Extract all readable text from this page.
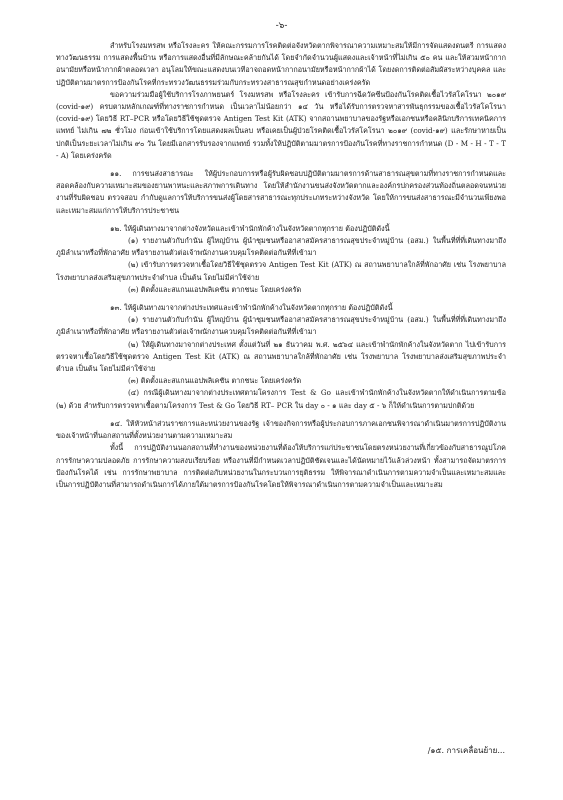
-๖-

สำหรับโรงมหรสพ หรือโรงละคร ให้คณะกรรมการโรคติดต่อจังหวัดตากพิจารณาความเหมาะสมให้มีการจัดแสดงดนตรี การแสดงทางวัฒนธรรม การแสดงพื้นบ้าน หรือการแสดงอื่นที่มีลักษณะคล้ายกันได้ โดยจำกัดจำนวนผู้แสดงและเจ้าหน้าที่ไม่เกิน ๕๐ คน และให้สวมหน้ากากอนามัยหรือหน้ากากผ้าตลอดเวลา อนุโลมให้ขณะแสดงบนเวทีอาจถอดหน้ากากอนามัยหรือหน้ากากผ้าได้ โดยงดการติดต่อสัมผัสระหว่างบุคคล และปฏิบัติตามมาตรการป้องกันโรคที่กระทรวงวัฒนธรรมร่วมกับกระทรวงสาธารณสุขกำหนดอย่างเคร่งครัด

ขอความร่วมมือผู้ใช้บริการโรงภาพยนตร์ โรงมหรสพ หรือโรงละคร เข้ารับการฉีดวัคซีนป้องกันโรคติดเชื้อไวรัสโคโรนา ๒๐๑๙ (covid-๑๙) ครบตามหลักเกณฑ์ที่ทางราชการกำหนด เป็นเวลาไม่น้อยกว่า ๑๔ วัน หรือได้รับการตรวจหาสารพันธุกรรมของเชื้อไวรัสโคโรนา (covid-๑๙) โดยวิธี RT–PCR หรือโดยวิธีใช้ชุดตรวจ Antigen Test Kit (ATK) จากสถานพยาบาลของรัฐหรือเอกชนหรือคลินิกบริการเทคนิคการแพทย์ ไม่เกิน ๗๒ ชั่วโมง ก่อนเข้าใช้บริการโดยแสดงผลเป็นลบ หรือเคยเป็นผู้ป่วยโรคติดเชื้อไวรัสโคโรนา ๒๐๑๙ (covid-๑๙) และรักษาหายเป็นปกติเป็นระยะเวลาไม่เกิน ๙๐ วัน โดยมีเอกสารรับรองจากแพทย์ รวมทั้งให้ปฏิบัติตามมาตรการป้องกันโรคที่ทางราชการกำหนด (D - M - H - T - T - A) โดยเคร่งครัด

๑๑. การขนส่งสาธารณะ ให้ผู้ประกอบการหรือผู้รับผิดชอบปฏิบัติตามมาตรการด้านสาธารณสุขตามที่ทางราชการกำหนดและสอดคล้องกับความเหมาะสมของยานพาหนะและสภาพการเดินทาง โดยให้สำนักงานขนส่งจังหวัดตากและองค์กรปกครองส่วนท้องถิ่นตลอดจนหน่วยงานที่รับผิดชอบ ตรวจสอบ กำกับดูแลการให้บริการขนส่งผู้โดยสารสาธารณะทุกประเภทระหว่างจังหวัด โดยให้การขนส่งสาธารณะมีจำนวนเพียงพอและเหมาะสมแก่การให้บริการประชาชน

๑๒. ให้ผู้เดินทางมาจากต่างจังหวัดและเข้าพำนักพักค้างในจังหวัดตากทุกราย ต้องปฏิบัติดังนี้

(๑) รายงานตัวกับกำนัน ผู้ใหญ่บ้าน ผู้นำชุมชนหรืออาสาสมัครสาธารณสุขประจำหมู่บ้าน (อสม.) ในพื้นที่ที่ที่เดินทางมาถึงภูมิลำเนาหรือที่พักอาศัย หรือรายงานตัวต่อเจ้าพนักงานควบคุมโรคติดต่อกันทีที่เข้ามา

(๒) เข้ารับการตรวจหาเชื้อโดยวิธีใช้ชุดตรวจ Antigen Test Kit (ATK) ณ สถานพยาบาลใกล้ที่พักอาศัย เช่น โรงพยาบาล โรงพยาบาลส่งเสริมสุขภาพประจำตำบล เป็นต้น โดยไม่มีค่าใช้จ่าย

(๓) ติดตั้งและสแกนแอปพลิเคชัน ตากชนะ โดยเคร่งครัด

๑๓. ให้ผู้เดินทางมาจากต่างประเทศและเข้าพำนักพักค้างในจังหวัดตากทุกราย ต้องปฏิบัติดังนี้

(๑) รายงานตัวกับกำนัน ผู้ใหญ่บ้าน ผู้นำชุมชนหรืออาสาสมัครสาธารณสุขประจำหมู่บ้าน (อสม.) ในพื้นที่ที่ที่เดินทางมาถึงภูมิลำเนาหรือที่พักอาศัย หรือรายงานตัวต่อเจ้าพนักงานควบคุมโรคติดต่อกันทีที่เข้ามา

(๒) ให้ผู้เดินทางมาจากต่างประเทศ ตั้งแต่วันที่ ๒๑ ธันวาคม พ.ศ. ๒๕๖๔ และเข้าพำนักพักค้างในจังหวัดตาก ไปเข้ารับการตรวจหาเชื้อโดยวิธีใช้ชุดตรวจ Antigen Test Kit (ATK) ณ สถานพยาบาลใกล้ที่พักอาศัย เช่น โรงพยาบาล โรงพยาบาลส่งเสริมสุขภาพประจำตำบล เป็นต้น โดยไม่มีค่าใช้จ่าย

(๓) ติดตั้งและสแกนแอปพลิเคชัน ตากชนะ โดยเคร่งครัด

(๔) กรณีผู้เดินทางมาจากต่างประเทศตามโครงการ Test & Go และเข้าพำนักพักค้างในจังหวัดตากให้ดำเนินการตามข้อ (๒) ด้วย สำหรับการตรวจหาเชื้อตามโครงการ Test & Go โดยวิธี RT– PCR ใน day ๐ - ๑ และ day ๕ - ๖ ก็ให้ดำเนินการตามปกติด้วย

๑๔. ให้หัวหน้าส่วนราชการและหน่วยงานของรัฐ เจ้าของกิจการหรือผู้ประกอบการภาคเอกชนพิจารณาดำเนินมาตรการปฏิบัติงานของเจ้าหน้าที่นอกสถานที่ตั้งหน่วยงานตามความเหมาะสม

ทั้งนี้ การปฏิบัติงานนอกสถานที่ทำงานของหน่วยงานที่ต้องให้บริการแก่ประชาชนโดยตรงหน่วยงานที่เกี่ยวข้องกับสาธารณูปโภค การรักษาความปลอดภัย การรักษาความสงบเรียบร้อย หรืองานที่มีกำหนดเวลาปฏิบัติชัดเจนและได้นัดหมายไว้แล้วล่วงหน้า ทั้งสามารถจัดมาตรการป้องกันโรคได้ เช่น การรักษาพยาบาล การติดต่อกับหน่วยงานในกระบวนการยุติธรรม ให้พิจารณาดำเนินการตามความจำเป็นและเหมาะสมและเป็นการปฏิบัติงานที่สามารถดำเนินการได้ภายใต้มาตรการป้องกันโรคโดยให้พิจารณาดำเนินการตามความจำเป็นและเหมาะสม

/๑๕. การเคลื่อนย้าย...
